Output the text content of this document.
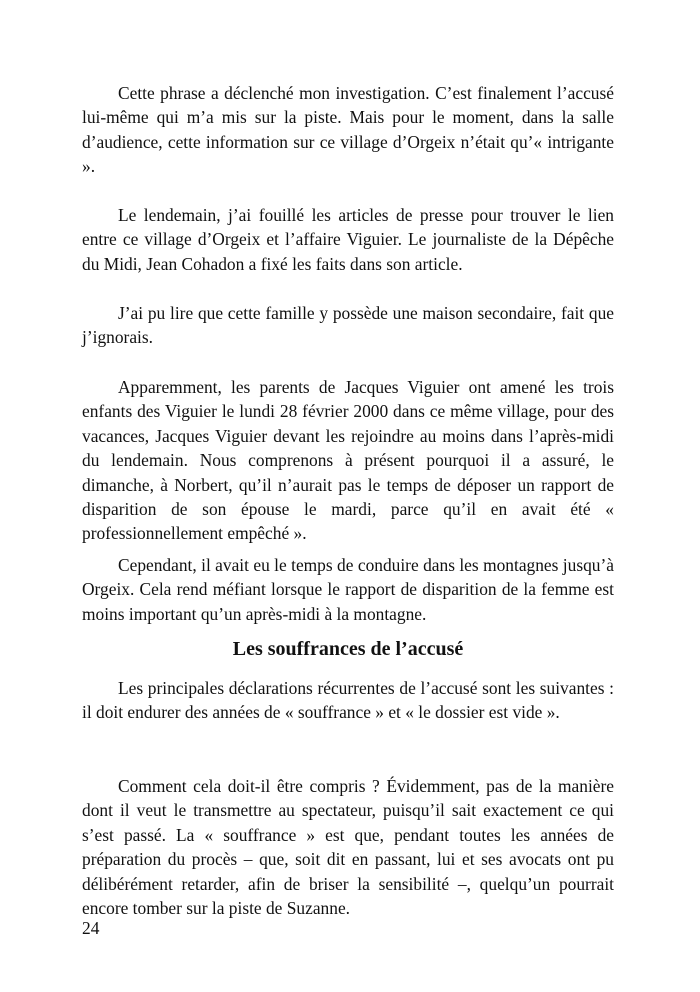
Cette phrase a déclenché mon investigation. C’est finalement l’accusé lui-même qui m’a mis sur la piste. Mais pour le moment, dans la salle d’audience, cette information sur ce village d’Orgeix n’était qu’« intrigante ».

Le lendemain, j’ai fouillé les articles de presse pour trouver le lien entre ce village d’Orgeix et l’affaire Viguier. Le journaliste de la Dépêche du Midi, Jean Cohadon a fixé les faits dans son article.

J’ai pu lire que cette famille y possède une maison secondaire, fait que j’ignorais.

Apparemment, les parents de Jacques Viguier ont amené les trois enfants des Viguier le lundi 28 février 2000 dans ce même village, pour des vacances, Jacques Viguier devant les rejoindre au moins dans l’après-midi du lendemain. Nous comprenons à présent pourquoi il a assuré, le dimanche, à Norbert, qu’il n’aurait pas le temps de déposer un rapport de disparition de son épouse le mardi, parce qu’il en avait été « professionnellement empêché ».

Cependant, il avait eu le temps de conduire dans les montagnes jusqu’à Orgeix. Cela rend méfiant lorsque le rapport de disparition de la femme est moins important qu’un après-midi à la montagne.

Les souffrances de l’accusé

Les principales déclarations récurrentes de l’accusé sont les suivantes : il doit endurer des années de « souffrance » et « le dossier est vide ».

Comment cela doit-il être compris ? Évidemment, pas de la manière dont il veut le transmettre au spectateur, puisqu’il sait exactement ce qui s’est passé. La « souffrance » est que, pendant toutes les années de préparation du procès – que, soit dit en passant, lui et ses avocats ont pu délibérément retarder, afin de briser la sensibilité –, quelqu’un pourrait encore tomber sur la piste de Suzanne.

24
